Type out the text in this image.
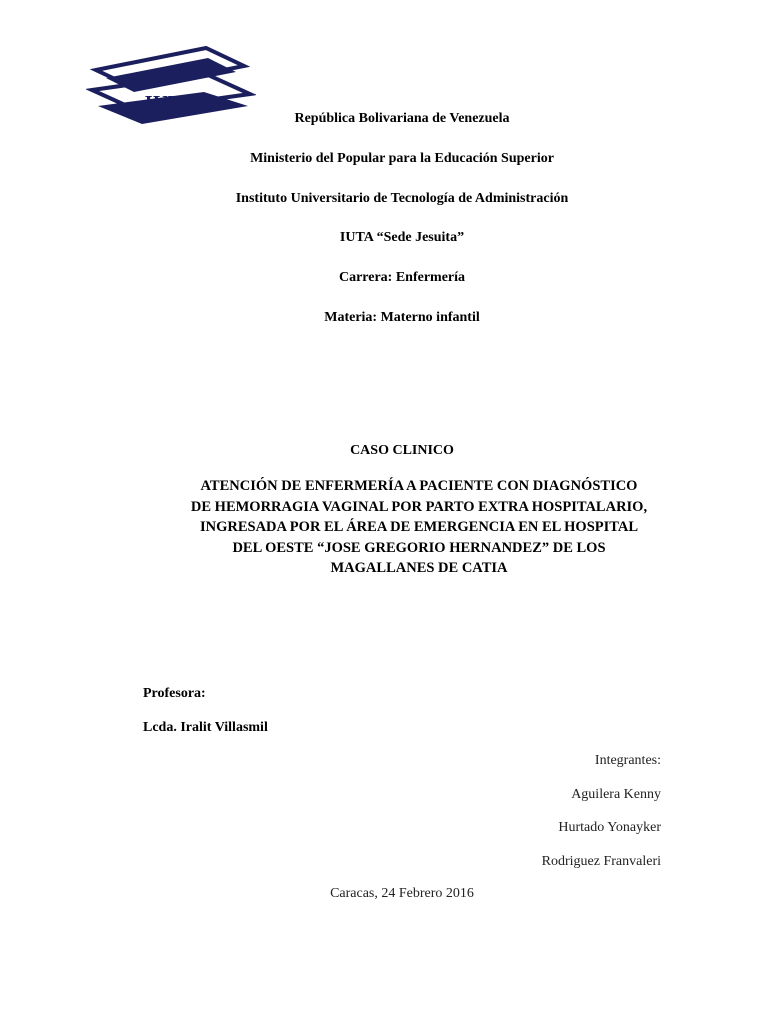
IUTA
República Bolivariana de Venezuela
Ministerio del Popular para la Educación Superior
Instituto Universitario de Tecnología de Administración
IUTA “Sede Jesuita”
Carrera: Enfermería
Materia: Materno infantil
CASO CLINICO
ATENCIÓN DE ENFERMERÍA A PACIENTE CON DIAGNÓSTICO
DE HEMORRAGIA VAGINAL POR PARTO EXTRA HOSPITALARIO,
INGRESADA POR EL ÁREA DE EMERGENCIA EN EL HOSPITAL
DEL OESTE “JOSE GREGORIO HERNANDEZ” DE LOS
MAGALLANES DE CATIA
Profesora:
Lcda. Iralit Villasmil
Integrantes:
Aguilera Kenny
Hurtado Yonayker
Rodriguez Franvaleri
Caracas, 24 Febrero 2016
